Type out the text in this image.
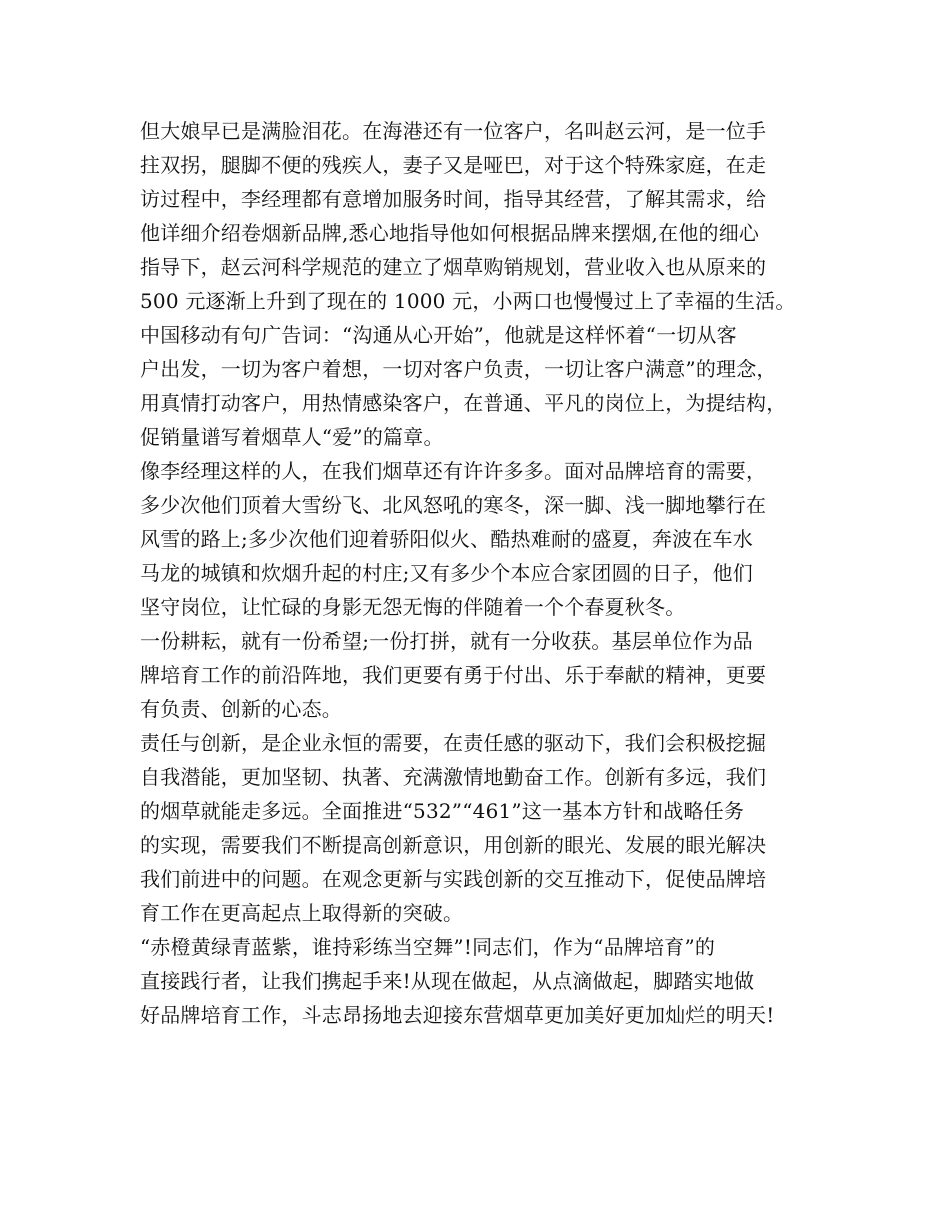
但大娘早已是满脸泪花。在海港还有一位客户，名叫赵云河，是一位手
拄双拐，腿脚不便的残疾人，妻子又是哑巴，对于这个特殊家庭，在走
访过程中，李经理都有意增加服务时间，指导其经营，了解其需求，给
他详细介绍卷烟新品牌,悉心地指导他如何根据品牌来摆烟,在他的细心
指导下，赵云河科学规范的建立了烟草购销规划，营业收入也从原来的
500 元逐渐上升到了现在的 1000 元，小两口也慢慢过上了幸福的生活。
中国移动有句广告词：“沟通从心开始”，他就是这样怀着“一切从客
户出发，一切为客户着想，一切对客户负责，一切让客户满意”的理念，
用真情打动客户，用热情感染客户，在普通、平凡的岗位上，为提结构，
促销量谱写着烟草人“爱”的篇章。
像李经理这样的人，在我们烟草还有许许多多。面对品牌培育的需要，
多少次他们顶着大雪纷飞、北风怒吼的寒冬，深一脚、浅一脚地攀行在
风雪的路上;多少次他们迎着骄阳似火、酷热难耐的盛夏，奔波在车水
马龙的城镇和炊烟升起的村庄;又有多少个本应合家团圆的日子，他们
坚守岗位，让忙碌的身影无怨无悔的伴随着一个个春夏秋冬。
一份耕耘，就有一份希望;一份打拼，就有一分收获。基层单位作为品
牌培育工作的前沿阵地，我们更要有勇于付出、乐于奉献的精神，更要
有负责、创新的心态。
责任与创新，是企业永恒的需要，在责任感的驱动下，我们会积极挖掘
自我潜能，更加坚韧、执著、充满激情地勤奋工作。创新有多远，我们
的烟草就能走多远。全面推进“532”“461”这一基本方针和战略任务
的实现，需要我们不断提高创新意识，用创新的眼光、发展的眼光解决
我们前进中的问题。在观念更新与实践创新的交互推动下，促使品牌培
育工作在更高起点上取得新的突破。
“赤橙黄绿青蓝紫，谁持彩练当空舞”!同志们，作为“品牌培育”的
直接践行者，让我们携起手来!从现在做起，从点滴做起，脚踏实地做
好品牌培育工作，斗志昂扬地去迎接东营烟草更加美好更加灿烂的明天!
